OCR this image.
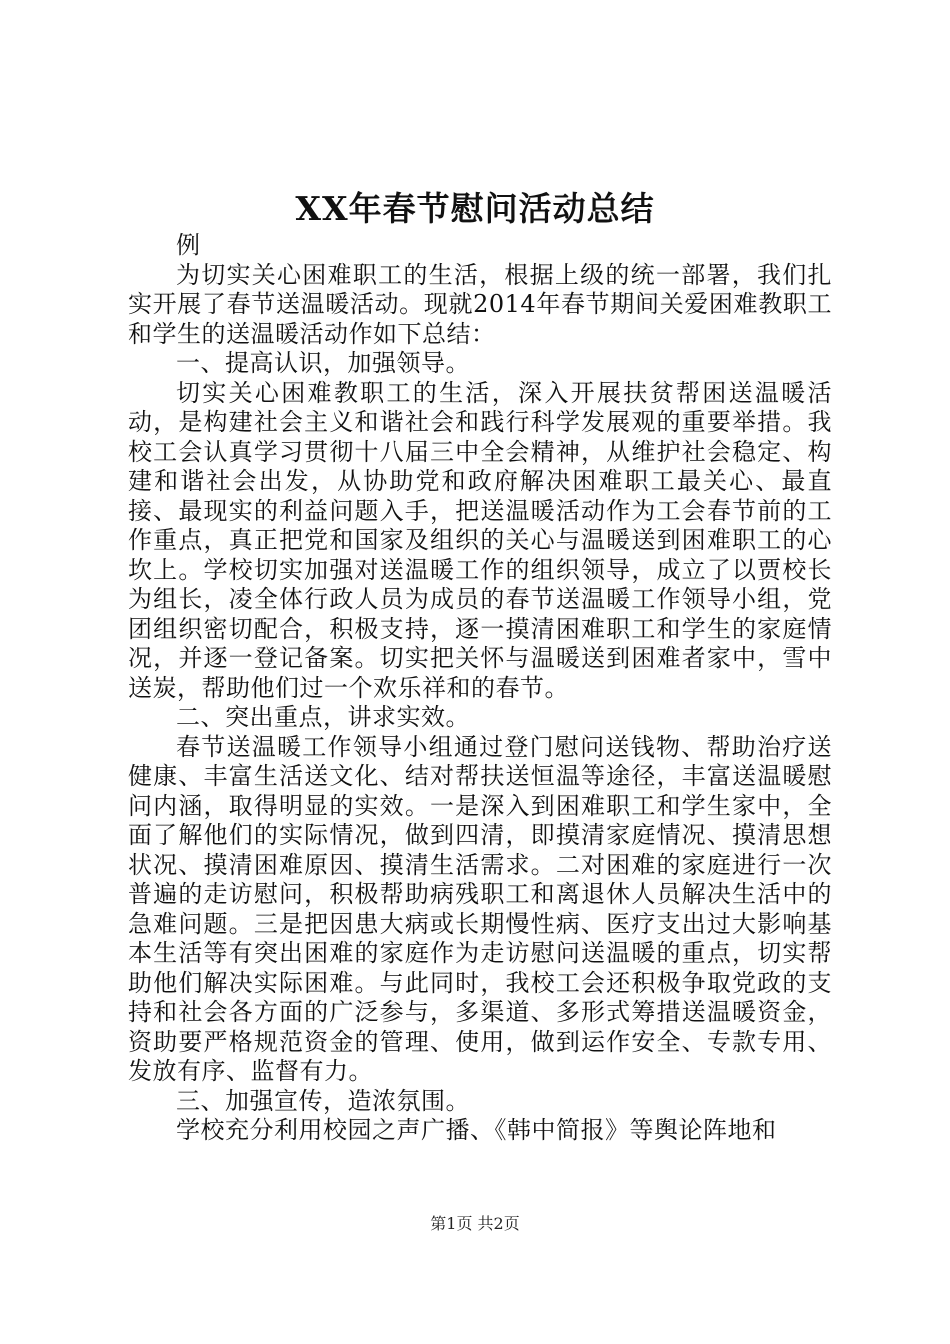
XX年春节慰问活动总结

例

为切实关心困难职工的生活，根据上级的统一部署，我们扎实开展了春节送温暖活动。现就2014年春节期间关爱困难教职工和学生的送温暖活动作如下总结：

一、提高认识，加强领导。

切实关心困难教职工的生活，深入开展扶贫帮困送温暖活动，是构建社会主义和谐社会和践行科学发展观的重要举措。我校工会认真学习贯彻十八届三中全会精神，从维护社会稳定、构建和谐社会出发，从协助党和政府解决困难职工最关心、最直接、最现实的利益问题入手，把送温暖活动作为工会春节前的工作重点，真正把党和国家及组织的关心与温暖送到困难职工的心坎上。学校切实加强对送温暖工作的组织领导，成立了以贾校长为组长，凌全体行政人员为成员的春节送温暖工作领导小组，党团组织密切配合，积极支持，逐一摸清困难职工和学生的家庭情况，并逐一登记备案。切实把关怀与温暖送到困难者家中，雪中送炭，帮助他们过一个欢乐祥和的春节。

二、突出重点，讲求实效。

春节送温暖工作领导小组通过登门慰问送钱物、帮助治疗送健康、丰富生活送文化、结对帮扶送恒温等途径，丰富送温暖慰问内涵，取得明显的实效。一是深入到困难职工和学生家中，全面了解他们的实际情况，做到四清，即摸清家庭情况、摸清思想状况、摸清困难原因、摸清生活需求。二对困难的家庭进行一次普遍的走访慰问，积极帮助病残职工和离退休人员解决生活中的急难问题。三是把因患大病或长期慢性病、医疗支出过大影响基本生活等有突出困难的家庭作为走访慰问送温暖的重点，切实帮助他们解决实际困难。与此同时，我校工会还积极争取党政的支持和社会各方面的广泛参与，多渠道、多形式筹措送温暖资金，资助要严格规范资金的管理、使用，做到运作安全、专款专用、发放有序、监督有力。

三、加强宣传，造浓氛围。

学校充分利用校园之声广播、《韩中简报》等舆论阵地和

第1页 共2页
